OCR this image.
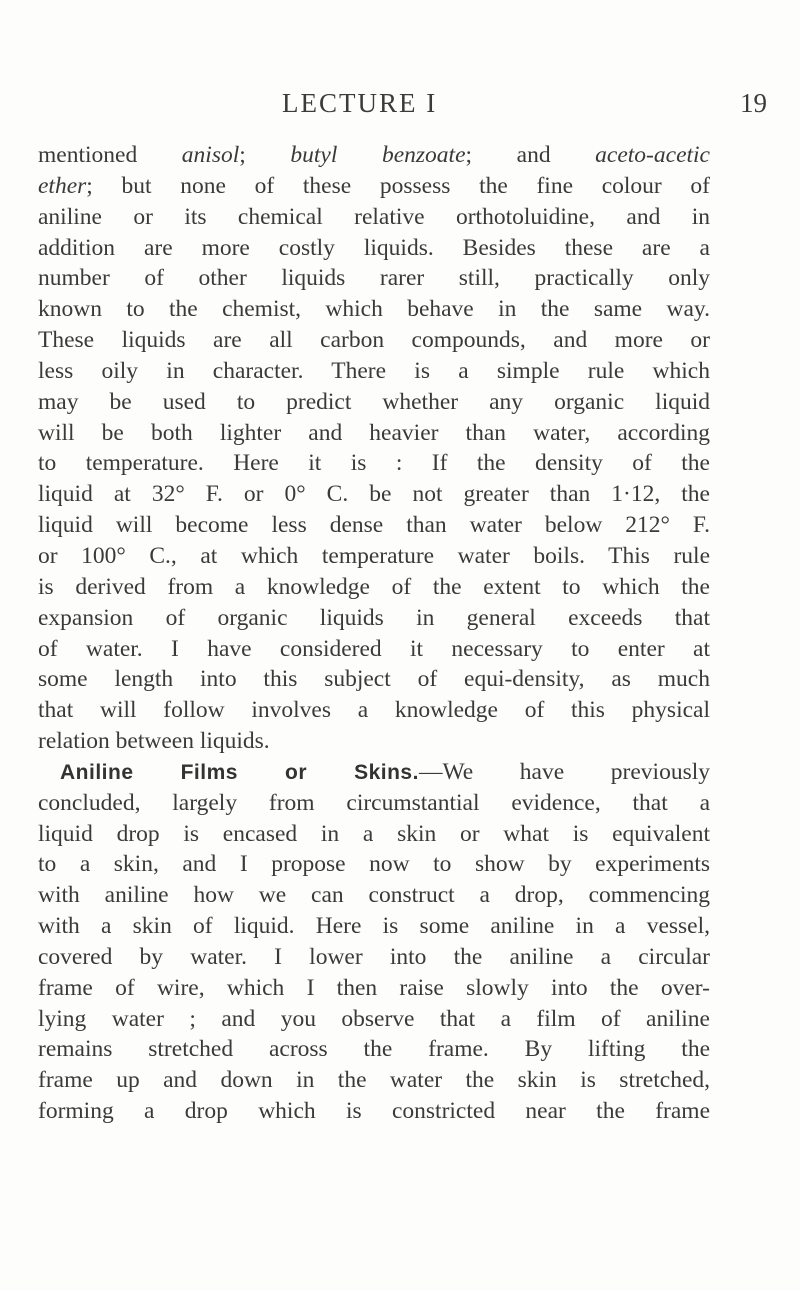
LECTURE I	19
mentioned anisol; butyl benzoate; and aceto-acetic
ether; but none of these possess the fine colour of
aniline or its chemical relative orthotoluidine, and in
addition are more costly liquids. Besides these are a
number of other liquids rarer still, practically only
known to the chemist, which behave in the same way.
These liquids are all carbon compounds, and more or
less oily in character. There is a simple rule which
may be used to predict whether any organic liquid
will be both lighter and heavier than water, according
to temperature. Here it is : If the density of the
liquid at 32° F. or 0° C. be not greater than 1·12, the
liquid will become less dense than water below 212° F.
or 100° C., at which temperature water boils. This rule
is derived from a knowledge of the extent to which the
expansion of organic liquids in general exceeds that
of water. I have considered it necessary to enter at
some length into this subject of equi-density, as much
that will follow involves a knowledge of this physical
relation between liquids.
Aniline Films or Skins.—We have previously
concluded, largely from circumstantial evidence, that a
liquid drop is encased in a skin or what is equivalent
to a skin, and I propose now to show by experiments
with aniline how we can construct a drop, commencing
with a skin of liquid. Here is some aniline in a vessel,
covered by water. I lower into the aniline a circular
frame of wire, which I then raise slowly into the over-
lying water ; and you observe that a film of aniline
remains stretched across the frame. By lifting the
frame up and down in the water the skin is stretched,
forming a drop which is constricted near the frame
